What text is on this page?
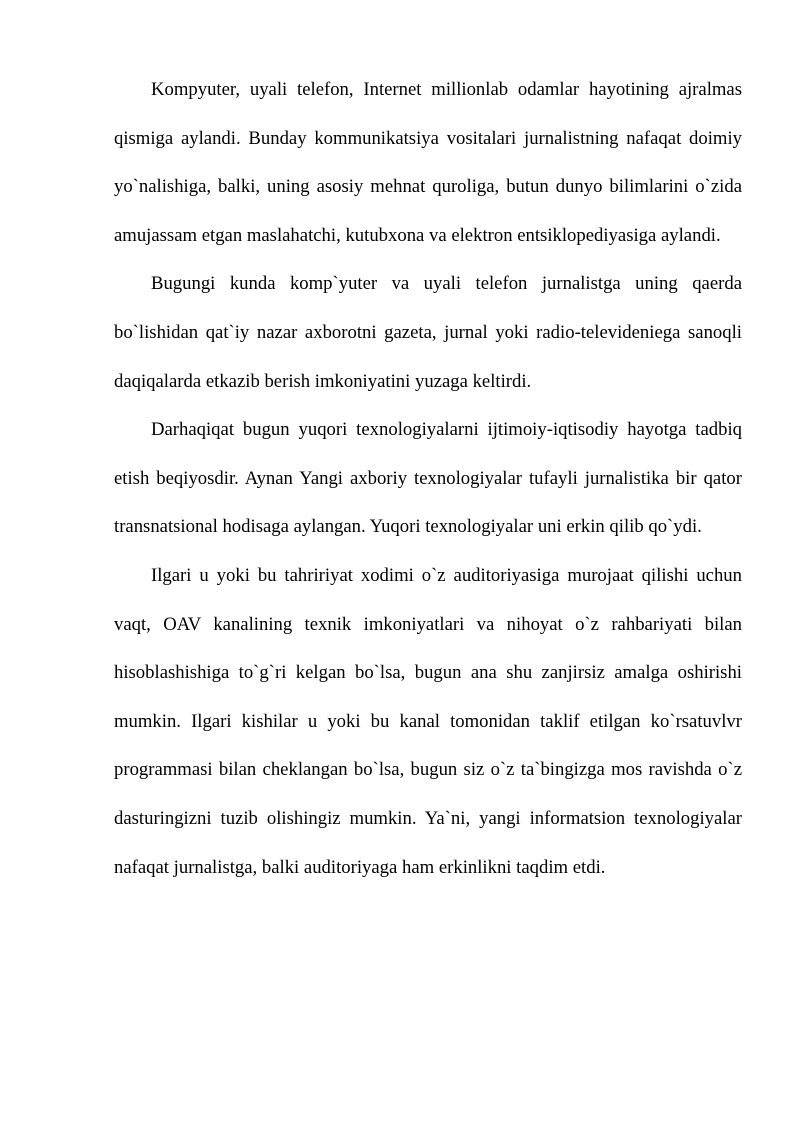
Kompyuter, uyali telefon, Internet millionlab odamlar hayotining ajralmas qismiga aylandi. Bunday kommunikatsiya vositalari jurnalistning nafaqat doimiy yo`nalishiga, balki, uning asosiy mehnat quroliga, butun dunyo bilimlarini o`zida amujassam etgan maslahatchi, kutubxona va elektron entsiklopediyasiga aylandi.

Bugungi kunda komp`yuter va uyali telefon jurnalistga uning qaerda bo`lishidan qat`iy nazar axborotni gazeta, jurnal yoki radio-televideniega sanoqli daqiqalarda etkazib berish imkoniyatini yuzaga keltirdi.

Darhaqiqat bugun yuqori texnologiyalarni ijtimoiy-iqtisodiy hayotga tadbiq etish beqiyosdir. Aynan Yangi axboriy texnologiyalar tufayli jurnalistika bir qator transnatsional hodisaga aylangan. Yuqori texnologiyalar uni erkin qilib qo`ydi.

Ilgari u yoki bu tahririyat xodimi o`z auditoriyasiga murojaat qilishi uchun vaqt, OAV kanalining texnik imkoniyatlari va nihoyat o`z rahbariyati bilan hisoblashishiga to`g`ri kelgan bo`lsa, bugun ana shu zanjirsiz amalga oshirishi mumkin. Ilgari kishilar u yoki bu kanal tomonidan taklif etilgan ko`rsatuvlvr programmasi bilan cheklangan bo`lsa, bugun siz o`z ta`bingizga mos ravishda o`z dasturingizni tuzib olishingiz mumkin. Ya`ni, yangi informatsion texnologiyalar nafaqat jurnalistga, balki auditoriyaga ham erkinlikni taqdim etdi.
